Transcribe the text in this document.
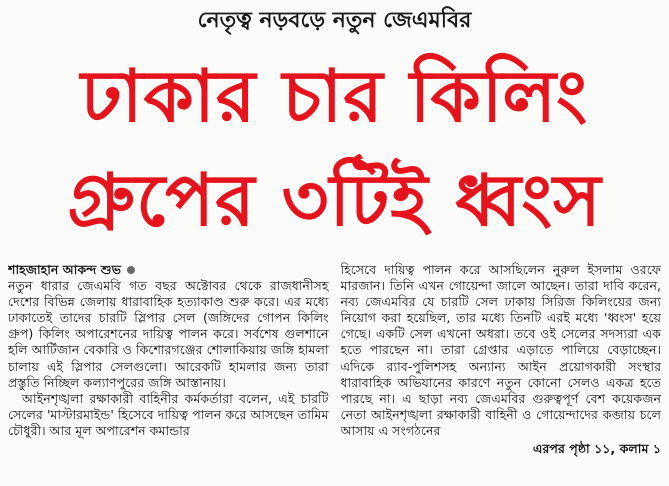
নেতৃত্ব নড়বড়ে নতুন জেএমবির
ঢাকার চার কিলিং
গ্রুপের ৩টিই ধ্বংস
শাহজাহান আকন্দ শুভ

নতুন ধারার জেএমবি গত বছর অক্টোবর থেকে রাজধানীসহ দেশের বিভিন্ন জেলায় ধারাবাহিক হত্যাকাণ্ড শুরু করে। এর মধ্যে ঢাকাতেই তাদের চারটি স্লিপার সেল (জঙ্গিদের গোপন কিলিং গ্রুপ) কিলিং অপারেশনের দায়িত্ব পালন করে। সর্বশেষ গুলশানে হলি আর্টিজান বেকারি ও কিশোরগঞ্জের শোলাকিয়ায় জঙ্গি হামলা চালায় এই স্লিপার সেলগুলো। আরেকটি হামলার জন্য তারা প্রস্তুতি নিচ্ছিল কল্যাণপুরের জঙ্গি আস্তানায়।

আইনশৃঙ্খলা রক্ষাকারী বাহিনীর কর্মকর্তারা বলেন, এই চারটি সেলের 'মাস্টারমাইন্ড' হিসেবে দায়িত্ব পালন করে আসছেন তামিম চৌধুরী। আর মূল অপারেশন কমান্ডার

হিসেবে দায়িত্ব পালন করে আসছিলেন নুরুল ইসলাম ওরফে মারজান। তিনি এখন গোয়েন্দা জালে আছেন। তারা দাবি করেন, নব্য জেএমবির যে চারটি সেল ঢাকায় সিরিজ কিলিংয়ের জন্য নিয়োগ করা হয়েছিল, তার মধ্যে তিনটি এরই মধ্যে 'ধ্বংস' হয়ে গেছে। একটি সেল এখনো অধরা। তবে ওই সেলের সদস্যরা এক হতে পারছেন না। তারা গ্রেপ্তার এড়াতে পালিয়ে বেড়াচ্ছেন। এদিকে র‌্যাব-পুলিশসহ অন্যান্য আইন প্রয়োগকারী সংস্থার ধারাবাহিক অভিযানের কারণে নতুন কোনো সেলও একত্র হতে পারছে না। এ ছাড়া নব্য জেএমবির গুরুত্বপূর্ণ বেশ কয়েকজন নেতা আইনশৃঙ্খলা রক্ষাকারী বাহিনী ও গোয়েন্দাদের কব্জায় চলে আসায় এ সংগঠনের

এরপর পৃষ্ঠা ১১, কলাম ১
